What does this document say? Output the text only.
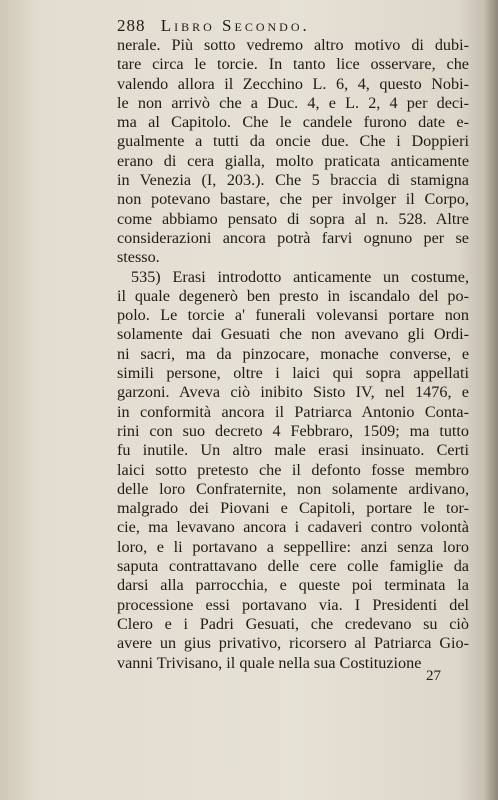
288 Libro Secondo.
nerale. Più sotto vedremo altro motivo di dubi-
tare circa le torcie. In tanto lice osservare, che
valendo allora il Zecchino L. 6, 4, questo Nobi-
le non arrivò che a Duc. 4, e L. 2, 4 per deci-
ma al Capitolo. Che le candele furono date e-
gualmente a tutti da oncie due. Che i Doppieri
erano di cera gialla, molto praticata anticamente
in Venezia (I, 203.). Che 5 braccia di stamigna
non potevano bastare, che per involger il Corpo,
come abbiamo pensato di sopra al n. 528. Altre
considerazioni ancora potrà farvi ognuno per se
stesso.
535) Erasi introdotto anticamente un costume,
il quale degenerò ben presto in iscandalo del po-
polo. Le torcie a' funerali volevansi portare non
solamente dai Gesuati che non avevano gli Ordi-
ni sacri, ma da pinzocare, monache converse, e
simili persone, oltre i laici qui sopra appellati
garzoni. Aveva ciò inibito Sisto IV, nel 1476, e
in conformità ancora il Patriarca Antonio Conta-
rini con suo decreto 4 Febbraro, 1509; ma tutto
fu inutile. Un altro male erasi insinuato. Certi
laici sotto pretesto che il defonto fosse membro
delle loro Confraternite, non solamente ardivano,
malgrado dei Piovani e Capitoli, portare le tor-
cie, ma levavano ancora i cadaveri contro volontà
loro, e li portavano a seppellire: anzi senza loro
saputa contrattavano delle cere colle famiglie da
darsi alla parrocchia, e queste poi terminata la
processione essi portavano via. I Presidenti del
Clero e i Padri Gesuati, che credevano su ciò
avere un gius privativo, ricorsero al Patriarca Gio-
vanni Trivisano, il quale nella sua Costituzione
27
